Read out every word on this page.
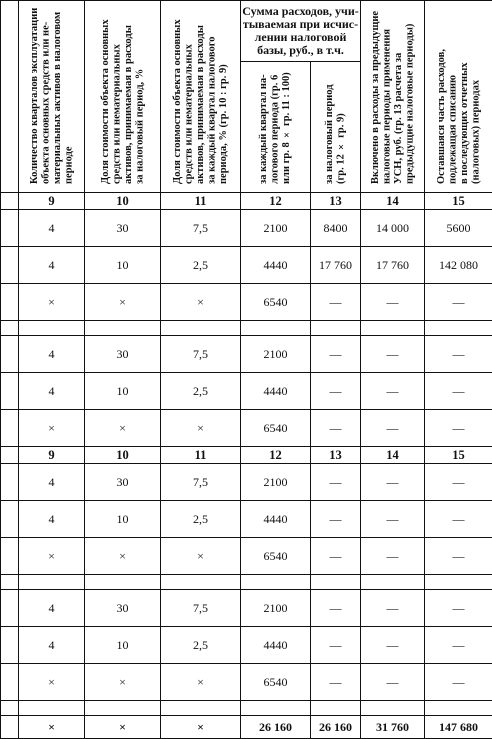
	Количество кварталов эксплуатации объекта основных средств или не-
материальных активов в налоговом
периоде	Доля стоимости объекта основных
средств или нематериальных
активов, принимаемая в расходы
за налоговый период, %	Доля стоимости объекта основных
средств или нематериальных
активов, принимаемая в расходы
за каждый квартал налогового
периода, % (гр. 10 : гр. 9)	Сумма расходов, учи-
тываемая при исчис-
лении налоговой
базы, руб., в т.ч.		Включено в расходы за предыдущие
налоговые периоды применения
УСН, руб. (гр. 13 расчета за
предыдущие налоговые периоды)	Оставшаяся часть расходов,
подлежащая списанию
в последующих отчетных
(налоговых) периодах
				за каждый квартал на-
логового периода (гр. 6
или гр. 8 × гр. 11 : 100)	за налоговый период
(гр. 12 × гр. 9)		
	9	10	11	12	13	14	15
	4	30	7,5	2100	8400	14 000	5600
	4	10	2,5	4440	17 760	17 760	142 080
	×	×	×	6540	—	—	—

	4	30	7,5	2100	—	—	—
	4	10	2,5	4440	—	—	—
	×	×	×	6540	—	—	—
	9	10	11	12	13	14	15
	4	30	7,5	2100	—	—	—
	4	10	2,5	4440	—	—	—
	×	×	×	6540	—	—	—

	4	30	7,5	2100	—	—	—
	4	10	2,5	4440	—	—	—
	×	×	×	6540	—	—	—

	×	×	×	26 160	26 160	31 760	147 680
